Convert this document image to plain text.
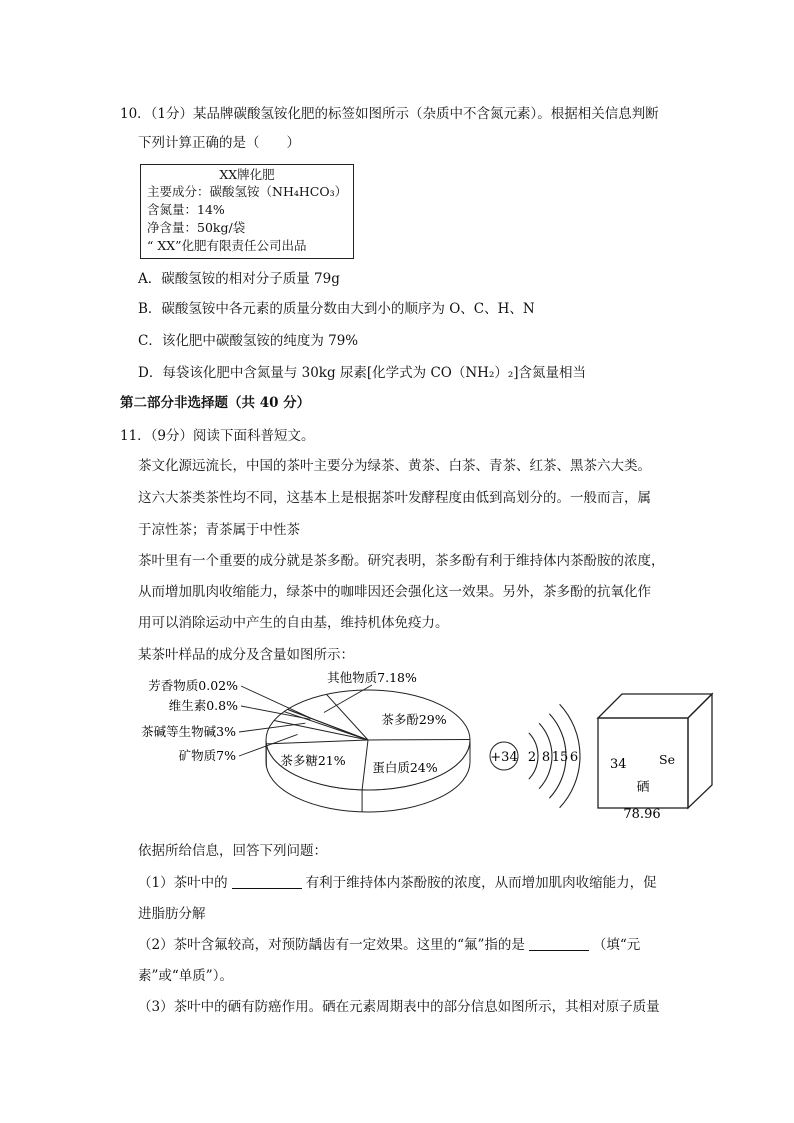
10．（1分）某品牌碳酸氢铵化肥的标签如图所示（杂质中不含氮元素）。根据相关信息判断
下列计算正确的是（　　）
XX牌化肥
主要成分：碳酸氢铵（NH₄HCO₃）
含氮量：14%
净含量：50kg/袋
“ XX”化肥有限责任公司出品
A．碳酸氢铵的相对分子质量 79g
B．碳酸氢铵中各元素的质量分数由大到小的顺序为 O、C、H、N
C．该化肥中碳酸氢铵的纯度为 79%
D．每袋该化肥中含氮量与 30kg 尿素[化学式为 CO（NH₂）₂]含氮量相当
第二部分非选择题（共 40 分）
11．（9分）阅读下面科普短文。
茶文化源远流长，中国的茶叶主要分为绿茶、黄茶、白茶、青茶、红茶、黑茶六大类。
这六大茶类茶性均不同，这基本上是根据茶叶发酵程度由低到高划分的。一般而言，属
于凉性茶；青茶属于中性茶
茶叶里有一个重要的成分就是茶多酚。研究表明，茶多酚有利于维持体内茶酚胺的浓度，
从而增加肌肉收缩能力，绿茶中的咖啡因还会强化这一效果。另外，茶多酚的抗氧化作
用可以消除运动中产生的自由基，维持机体免疫力。
某茶叶样品的成分及含量如图所示：
茶多酚29%
蛋白质24%
茶多糖21%
矿物质7%
茶碱等生物碱3%
维生素0.8%
芳香物质0.02%
其他物质7.18%
+34 2 8 15 6 34	Se
硒
78.96
依据所给信息，回答下列问题：
（1）茶叶中的	有利于维持体内茶酚胺的浓度，从而增加肌肉收缩能力，促
进脂肪分解
（2）茶叶含氟较高，对预防龋齿有一定效果。这里的“氟”指的是	（填“元
素”或“单质”）。
（3）茶叶中的硒有防癌作用。硒在元素周期表中的部分信息如图所示，其相对原子质量
